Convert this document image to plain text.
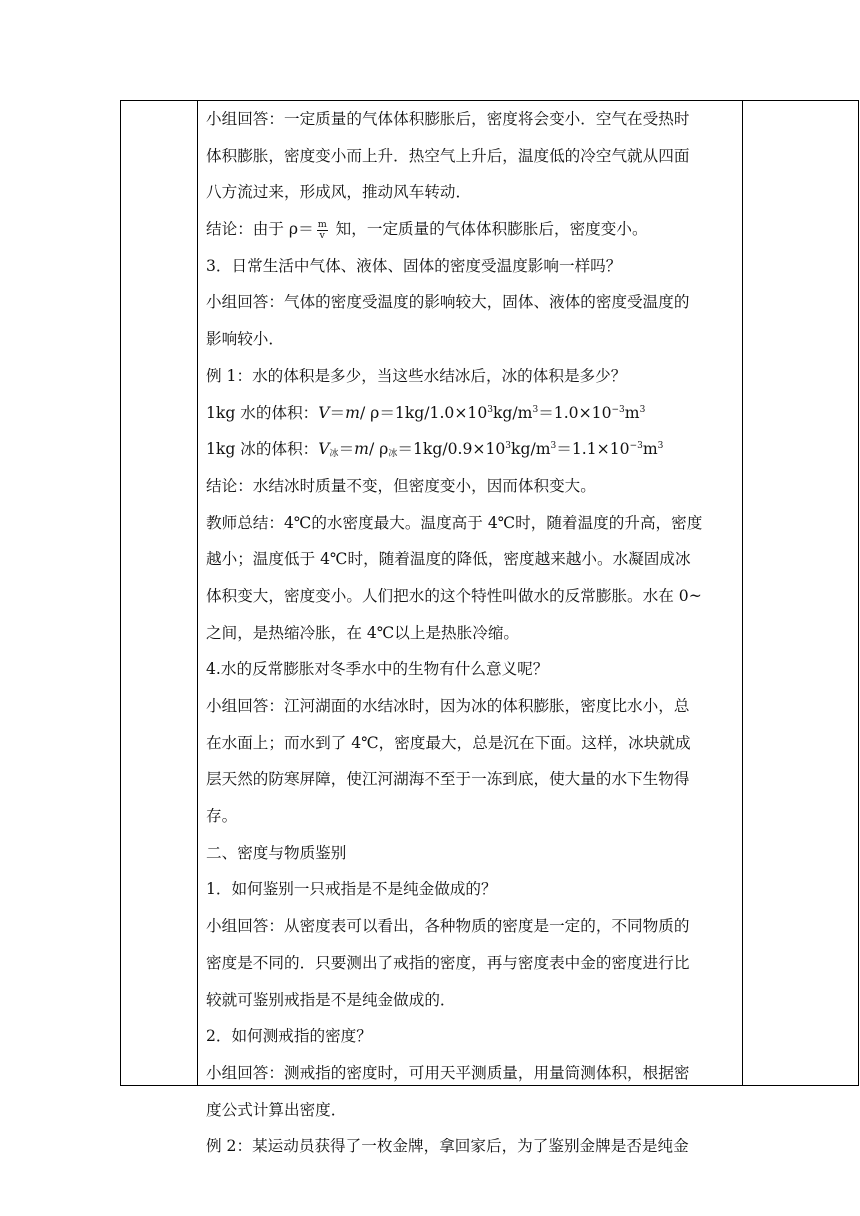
小组回答：一定质量的气体体积膨胀后，密度将会变小．空气在受热时
体积膨胀，密度变小而上升．热空气上升后，温度低的冷空气就从四面
八方流过来，形成风，推动风车转动．
结论：由于 $\rho= \frac{m}{v}$ 知，一定质量的气体体积膨胀后，密度变小。
3．日常生活中气体、液体、固体的密度受温度影响一样吗？
小组回答：气体的密度受温度的影响较大，固体、液体的密度受温度的
影响较小．
例 1：水的体积是多少，当这些水结冰后，冰的体积是多少？
1kg 水的体积：V＝m/ $\rho=1kg/1.0\times 10^3kg/m^3=1.0\times 10^{-3}m^3$
1kg 冰的体积：$V_冰=m/$ $\rho_冰=1kg/0.9\times 10^3kg/m^3=1.1\times 10^{-3}m^3$
结论：水结冰时质量不变，但密度变小，因而体积变大。
教师总结：4℃的水密度最大。温度高于 4℃时，随着温度的升高，密度
越小；温度低于 4℃时，随着温度的降低，密度越来越小。水凝固成冰
体积变大，密度变小。人们把水的这个特性叫做水的反常膨胀。水在 0~
之间，是热缩冷胀，在 4℃以上是热胀冷缩。
4.水的反常膨胀对冬季水中的生物有什么意义呢？
小组回答：江河湖面的水结冰时，因为冰的体积膨胀，密度比水小，总
在水面上；而水到了 4℃，密度最大，总是沉在下面。这样，冰块就成
层天然的防寒屏障，使江河湖海不至于一冻到底，使大量的水下生物得
存。
二、密度与物质鉴别
1．如何鉴别一只戒指是不是纯金做成的？
小组回答：从密度表可以看出，各种物质的密度是一定的，不同物质的
密度是不同的．只要测出了戒指的密度，再与密度表中金的密度进行比
较就可鉴别戒指是不是纯金做成的．
2．如何测戒指的密度？
小组回答：测戒指的密度时，可用天平测质量，用量筒测体积，根据密
度公式计算出密度．
例 2：某运动员获得了一枚金牌，拿回家后，为了鉴别金牌是否是纯金
